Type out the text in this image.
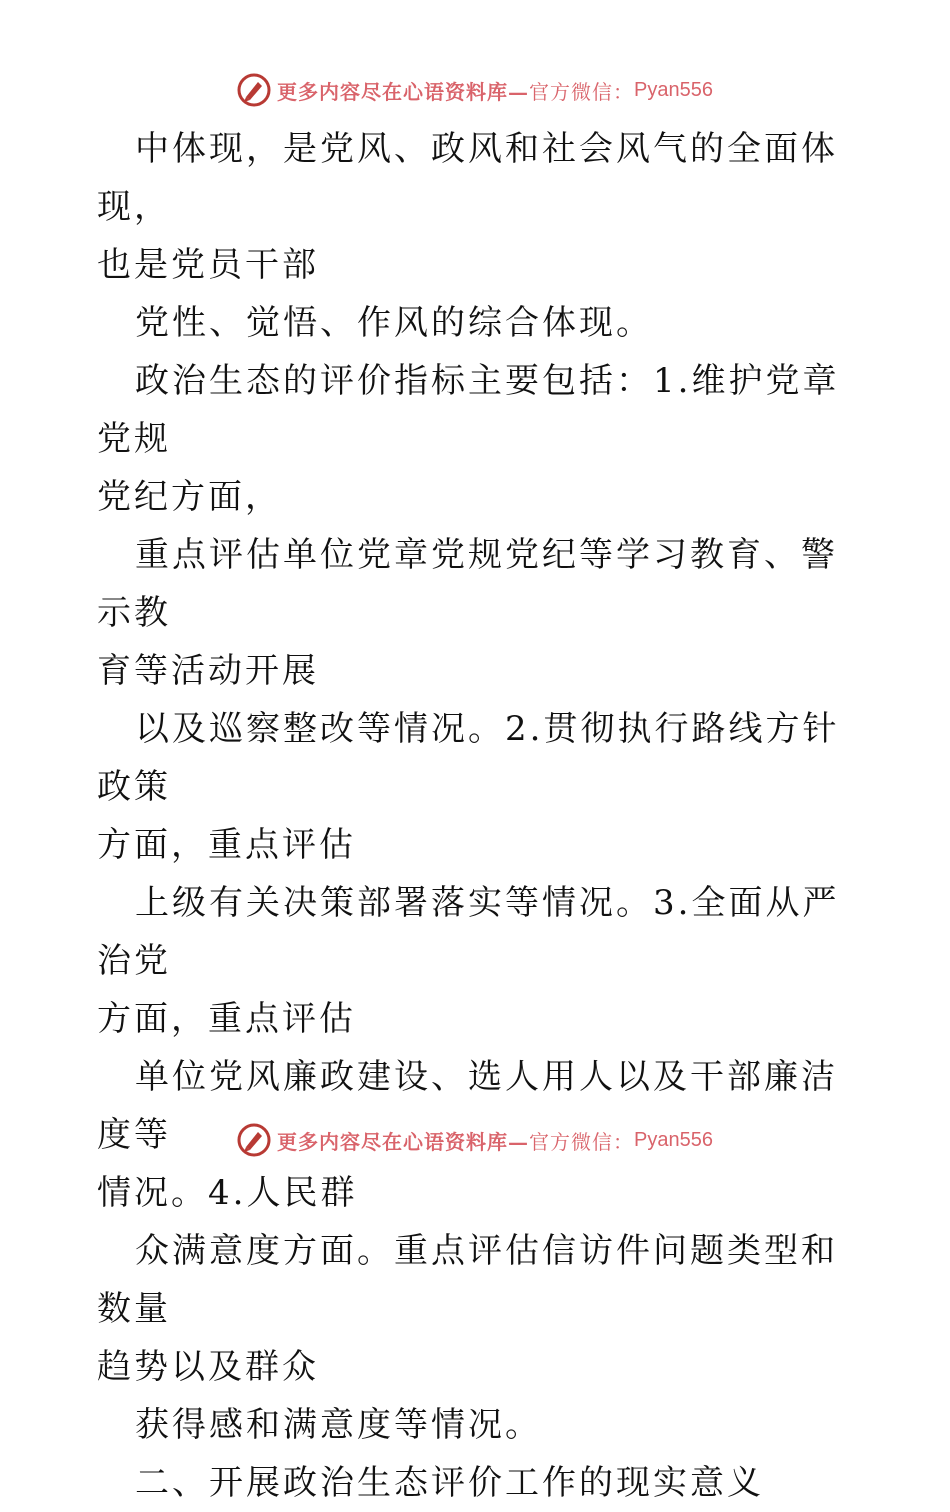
更多内容尽在心语资料库— 官方微信： Pyan556

中体现，是党风、政风和社会风气的全面体现，
也是党员干部

党性、觉悟、作风的综合体现。

政治生态的评价指标主要包括：1.维护党章党规
党纪方面，

重点评估单位党章党规党纪等学习教育、警示教
育等活动开展

以及巡察整改等情况。2.贯彻执行路线方针政策
方面，重点评估

上级有关决策部署落实等情况。3.全面从严治党
方面，重点评估

单位党风廉政建设、选人用人以及干部廉洁度等
情况。4.人民群

众满意度方面。重点评估信访件问题类型和数量
趋势以及群众

获得感和满意度等情况。

二、开展政治生态评价工作的现实意义

更多内容尽在心语资料库— 官方微信： Pyan556
